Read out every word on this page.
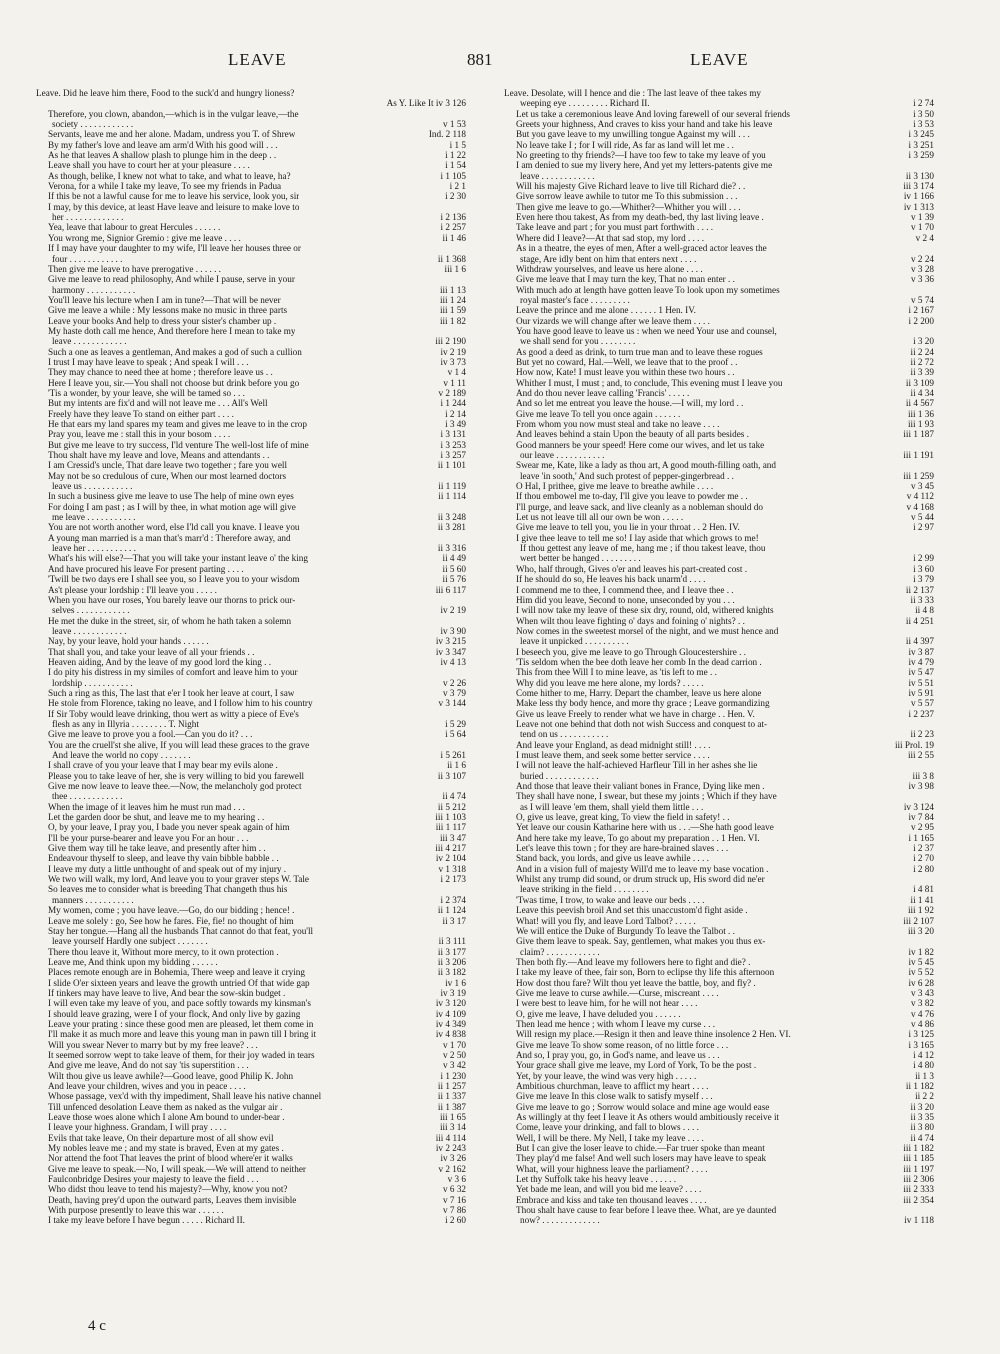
LEAVE	881	LEAVE
Leave. Did he leave him there, Food to the suck'd and hungry lioness?
As Y. Like It iv 3 126
Therefore, you clown, abandon,—which is in the vulgar leave,—the
society . . . . . . . . . . . .	v 1 53
Servants, leave me and her alone. Madam, undress you T. of Shrew	Ind. 2 118
By my father's love and leave am arm'd With his good will . . .	i 1 5
As he that leaves A shallow plash to plunge him in the deep . .	i 1 22
Leave shall you have to court her at your pleasure . . . .	i 1 54
As though, belike, I knew not what to take, and what to leave, ha?	i 1 105
Verona, for a while I take my leave, To see my friends in Padua	i 2 1
If this be not a lawful cause for me to leave his service, look you, sir	i 2 30
I may, by this device, at least Have leave and leisure to make love to
her . . . . . . . . . . . . .	i 2 136
Yea, leave that labour to great Hercules . . . . . .	i 2 257
You wrong me, Signior Gremio : give me leave . . . .	ii 1 46
If I may have your daughter to my wife, I'll leave her houses three or
four . . . . . . . . . . . .	ii 1 368
Then give me leave to have prerogative . . . . . .	iii 1 6
Give me leave to read philosophy, And while I pause, serve in your
harmony . . . . . . . . . . .	iii 1 13
You'll leave his lecture when I am in tune?—That will be never	iii 1 24
Give me leave a while : My lessons make no music in three parts	iii 1 59
Leave your books And help to dress your sister's chamber up .	iii 1 82
My haste doth call me hence, And therefore here I mean to take my
leave . . . . . . . . . . . .	iii 2 190
Such a one as leaves a gentleman, And makes a god of such a cullion	iv 2 19
I trust I may have leave to speak ; And speak I will . . .	iv 3 73
They may chance to need thee at home ; therefore leave us . .	v 1 4
Here I leave you, sir.—You shall not choose but drink before you go	v 1 11
'Tis a wonder, by your leave, she will be tamed so . . .	v 2 189
But my intents are fix'd and will not leave me . . . All's Well	i 1 244
Freely have they leave To stand on either part . . . .	i 2 14
He that ears my land spares my team and gives me leave to in the crop	i 3 49
Pray you, leave me : stall this in your bosom . . . .	i 3 131
But give me leave to try success, I'ld venture The well-lost life of mine	i 3 253
Thou shalt have my leave and love, Means and attendants . .	i 3 257
I am Cressid's uncle, That dare leave two together ; fare you well	ii 1 101
May not be so credulous of cure, When our most learned doctors
leave us . . . . . . . . . . .	ii 1 119
In such a business give me leave to use The help of mine own eyes	ii 1 114
For doing I am past ; as I will by thee, in what motion age will give
me leave . . . . . . . . . . .	ii 3 248
You are not worth another word, else I'ld call you knave. I leave you	ii 3 281
A young man married is a man that's marr'd : Therefore away, and
leave her . . . . . . . . . . .	ii 3 316
What's his will else?—That you will take your instant leave o' the king	ii 4 49
And have procured his leave For present parting . . . .	ii 5 60
'Twill be two days ere I shall see you, so I leave you to your wisdom	ii 5 76
As't please your lordship : I'll leave you . . . . .	iii 6 117
When you have our roses, You barely leave our thorns to prick our-
selves . . . . . . . . . . . .	iv 2 19
He met the duke in the street, sir, of whom he hath taken a solemn
leave . . . . . . . . . . . .	iv 3 90
Nay, by your leave, hold your hands . . . . . .	iv 3 215
That shall you, and take your leave of all your friends . .	iv 3 347
Heaven aiding, And by the leave of my good lord the king . .	iv 4 13
I do pity his distress in my similes of comfort and leave him to your
lordship . . . . . . . . . . .	v 2 26
Such a ring as this, The last that e'er I took her leave at court, I saw	v 3 79
He stole from Florence, taking no leave, and I follow him to his country	v 3 144
If Sir Toby would leave drinking, thou wert as witty a piece of Eve's
flesh as any in Illyria . . . . . . . . T. Night	i 5 29
Give me leave to prove you a fool.—Can you do it? . . .	i 5 64
You are the cruell'st she alive, If you will lead these graces to the grave
And leave the world no copy . . . . . . .	i 5 261
I shall crave of you your leave that I may bear my evils alone .	ii 1 6
Please you to take leave of her, she is very willing to bid you farewell	ii 3 107
Give me now leave to leave thee.—Now, the melancholy god protect
thee . . . . . . . . . . . .	ii 4 74
When the image of it leaves him he must run mad . . .	ii 5 212
Let the garden door be shut, and leave me to my hearing . .	iii 1 103
O, by your leave, I pray you, I bade you never speak again of him	iii 1 117
I'll be your purse-bearer and leave you For an hour . . .	iii 3 47
Give them way till he take leave, and presently after him . .	iii 4 217
Endeavour thyself to sleep, and leave thy vain bibble babble . .	iv 2 104
I leave my duty a little unthought of and speak out of my injury .	v 1 318
We two will walk, my lord, And leave you to your graver steps W. Tale	i 2 173
So leaves me to consider what is breeding That changeth thus his
manners . . . . . . . . . . .	i 2 374
My women, come ; you have leave.—Go, do our bidding ; hence! .	ii 1 124
Leave me solely : go, See how he fares. Fie, fie! no thought of him	ii 3 17
Stay her tongue.—Hang all the husbands That cannot do that feat, you'll
leave yourself Hardly one subject . . . . . . .	ii 3 111
There thou leave it, Without more mercy, to it own protection .	ii 3 177
Leave me, And think upon my bidding . . . . . .	ii 3 206
Places remote enough are in Bohemia, There weep and leave it crying	ii 3 182
I slide O'er sixteen years and leave the growth untried Of that wide gap	iv 1 6
If tinkers may have leave to live, And bear the sow-skin budget .	iv 3 19
I will even take my leave of you, and pace softly towards my kinsman's	iv 3 120
I should leave grazing, were I of your flock, And only live by gazing	iv 4 109
Leave your prating : since these good men are pleased, let them come in	iv 4 349
I'll make it as much more and leave this young man in pawn till I bring it	iv 4 838
Will you swear Never to marry but by my free leave? . . .	v 1 70
It seemed sorrow wept to take leave of them, for their joy waded in tears	v 2 50
And give me leave, And do not say 'tis superstition . . .	v 3 42
Wilt thou give us leave awhile?—Good leave, good Philip K. John	i 1 230
And leave your children, wives and you in peace . . . .	ii 1 257
Whose passage, vex'd with thy impediment, Shall leave his native channel	ii 1 337
Till unfenced desolation Leave them as naked as the vulgar air .	ii 1 387
Leave those woes alone which I alone Am bound to under-bear .	iii 1 65
I leave your highness. Grandam, I will pray . . . .	iii 3 14
Evils that take leave, On their departure most of all show evil	iii 4 114
My nobles leave me ; and my state is braved, Even at my gates .	iv 2 243
Nor attend the foot That leaves the print of blood where'er it walks	iv 3 26
Give me leave to speak.—No, I will speak.—We will attend to neither	v 2 162
Faulconbridge Desires your majesty to leave the field . . .	v 3 6
Who didst thou leave to tend his majesty?—Why, know you not?	v 6 32
Death, having prey'd upon the outward parts, Leaves them invisible	v 7 16
With purpose presently to leave this war . . . . . .	v 7 86
I take my leave before I have begun . . . . . Richard II.	i 2 60
Leave. Desolate, will I hence and die : The last leave of thee takes my
weeping eye . . . . . . . . . Richard II.	i 2 74
Let us take a ceremonious leave And loving farewell of our several friends	i 3 50
Greets your highness, And craves to kiss your hand and take his leave	i 3 53
But you gave leave to my unwilling tongue Against my will . . .	i 3 245
No leave take I ; for I will ride, As far as land will let me . .	i 3 251
No greeting to thy friends?—I have too few to take my leave of you	i 3 259
I am denied to sue my livery here, And yet my letters-patents give me
leave . . . . . . . . . . . .	ii 3 130
Will his majesty Give Richard leave to live till Richard die? . .	iii 3 174
Give sorrow leave awhile to tutor me To this submission . . .	iv 1 166
Then give me leave to go.—Whither?—Whither you will . . .	iv 1 313
Even here thou takest, As from my death-bed, thy last living leave .	v 1 39
Take leave and part ; for you must part forthwith . . . .	v 1 70
Where did I leave?—At that sad stop, my lord . . . .	v 2 4
As in a theatre, the eyes of men, After a well-graced actor leaves the
stage, Are idly bent on him that enters next . . . .	v 2 24
Withdraw yourselves, and leave us here alone . . . .	v 3 28
Give me leave that I may turn the key, That no man enter . .	v 3 36
With much ado at length have gotten leave To look upon my sometimes
royal master's face . . . . . . . . .	v 5 74
Leave the prince and me alone . . . . . . 1 Hen. IV.	i 2 167
Our vizards we will change after we leave them . . . .	i 2 200
You have good leave to leave us : when we need Your use and counsel,
we shall send for you . . . . . . . .	i 3 20
As good a deed as drink, to turn true man and to leave these rogues	ii 2 24
But yet no coward, Hal.—Well, we leave that to the proof . .	ii 2 72
How now, Kate! I must leave you within these two hours . .	ii 3 39
Whither I must, I must ; and, to conclude, This evening must I leave you	ii 3 109
And do thou never leave calling 'Francis' . . . . .	ii 4 34
And so let me entreat you leave the house.—I will, my lord . .	ii 4 567
Give me leave To tell you once again . . . . . .	iii 1 36
From whom you now must steal and take no leave . . . .	iii 1 93
And leaves behind a stain Upon the beauty of all parts besides .	iii 1 187
Good manners be your speed! Here come our wives, and let us take
our leave . . . . . . . . . . .	iii 1 191
Swear me, Kate, like a lady as thou art, A good mouth-filling oath, and
leave 'in sooth,' And such protest of pepper-gingerbread . .	iii 1 259
O Hal, I prithee, give me leave to breathe awhile . . . .	v 3 45
If thou embowel me to-day, I'll give you leave to powder me . .	v 4 112
I'll purge, and leave sack, and live cleanly as a nobleman should do	v 4 168
Let us not leave till all our own be won . . . . .	v 5 44
Give me leave to tell you, you lie in your throat . . 2 Hen. IV.	i 2 97
I give thee leave to tell me so! I lay aside that which grows to me!
If thou gettest any leave of me, hang me ; if thou takest leave, thou
wert better be hanged . . . . . . . . .	i 2 99
Who, half through, Gives o'er and leaves his part-created cost .	i 3 60
If he should do so, He leaves his back unarm'd . . . .	i 3 79
I commend me to thee, I commend thee, and I leave thee . .	ii 2 137
Him did you leave, Second to none, unseconded by you . . .	ii 3 33
I will now take my leave of these six dry, round, old, withered knights	ii 4 8
When wilt thou leave fighting o' days and foining o' nights? . .	ii 4 251
Now comes in the sweetest morsel of the night, and we must hence and
leave it unpicked . . . . . . . . . .	ii 4 397
I beseech you, give me leave to go Through Gloucestershire . .	iv 3 87
'Tis seldom when the bee doth leave her comb In the dead carrion .	iv 4 79
This from thee Will I to mine leave, as 'tis left to me . .	iv 5 47
Why did you leave me here alone, my lords? . . . . .	iv 5 51
Come hither to me, Harry. Depart the chamber, leave us here alone	iv 5 91
Make less thy body hence, and more thy grace ; Leave gormandizing	v 5 57
Give us leave Freely to render what we have in charge . . Hen. V.	i 2 237
Leave not one behind that doth not wish Success and conquest to at-
tend on us . . . . . . . . . . .	ii 2 23
And leave your England, as dead midnight still! . . . .	iii Prol. 19
I must leave them, and seek some better service . . . .	iii 2 55
I will not leave the half-achieved Harfleur Till in her ashes she lie
buried . . . . . . . . . . . .	iii 3 8
And those that leave their valiant bones in France, Dying like men .	iv 3 98
They shall have none, I swear, but these my joints ; Which if they have
as I will leave 'em them, shall yield them little . . .	iv 3 124
O, give us leave, great king, To view the field in safety! . .	iv 7 84
Yet leave our cousin Katharine here with us . . .—She hath good leave	v 2 95
And here take my leave, To go about my preparation . . 1 Hen. VI.	i 1 165
Let's leave this town ; for they are hare-brained slaves . . .	i 2 37
Stand back, you lords, and give us leave awhile . . . .	i 2 70
And in a vision full of majesty Will'd me to leave my base vocation .	i 2 80
Whilst any trump did sound, or drum struck up, His sword did ne'er
leave striking in the field . . . . . . . .	i 4 81
'Twas time, I trow, to wake and leave our beds . . . .	ii 1 41
Leave this peevish broil And set this unaccustom'd fight aside .	iii 1 92
What! will you fly, and leave Lord Talbot? . . . . .	iii 2 107
We will entice the Duke of Burgundy To leave the Talbot . .	iii 3 20
Give them leave to speak. Say, gentlemen, what makes you thus ex-
claim? . . . . . . . . . . . .	iv 1 82
Then both fly.—And leave my followers here to fight and die? .	iv 5 45
I take my leave of thee, fair son, Born to eclipse thy life this afternoon	iv 5 52
How dost thou fare? Wilt thou yet leave the battle, boy, and fly? .	iv 6 28
Give me leave to curse awhile.—Curse, miscreant . . . .	v 3 43
I were best to leave him, for he will not hear . . . .	v 3 82
O, give me leave, I have deluded you . . . . . .	v 4 76
Then lead me hence ; with whom I leave my curse . . .	v 4 86
Will resign my place.—Resign it then and leave thine insolence 2 Hen. VI.	i 3 125
Give me leave To show some reason, of no little force . . .	i 3 165
And so, I pray you, go, in God's name, and leave us . . .	i 4 12
Your grace shall give me leave, my Lord of York, To be the post .	i 4 80
Yet, by your leave, the wind was very high . . . . .	ii 1 3
Ambitious churchman, leave to afflict my heart . . . .	ii 1 182
Give me leave In this close walk to satisfy myself . . .	ii 2 2
Give me leave to go ; Sorrow would solace and mine age would ease	ii 3 20
As willingly at thy feet I leave it As others would ambitiously receive it	ii 3 35
Come, leave your drinking, and fall to blows . . . .	ii 3 80
Well, I will be there. My Nell, I take my leave . . . .	ii 4 74
But I can give the loser leave to chide.—Far truer spoke than meant	iii 1 182
They play'd me false! And well such losers may have leave to speak	iii 1 185
What, will your highness leave the parliament? . . . .	iii 1 197
Let thy Suffolk take his heavy leave . . . . . .	iii 2 306
Yet bade me lean, and will you bid me leave? . . . .	iii 2 333
Embrace and kiss and take ten thousand leaves . . . .	iii 2 354
Thou shalt have cause to fear before I leave thee. What, are ye daunted
now? . . . . . . . . . . . . .	iv 1 118
4 c
